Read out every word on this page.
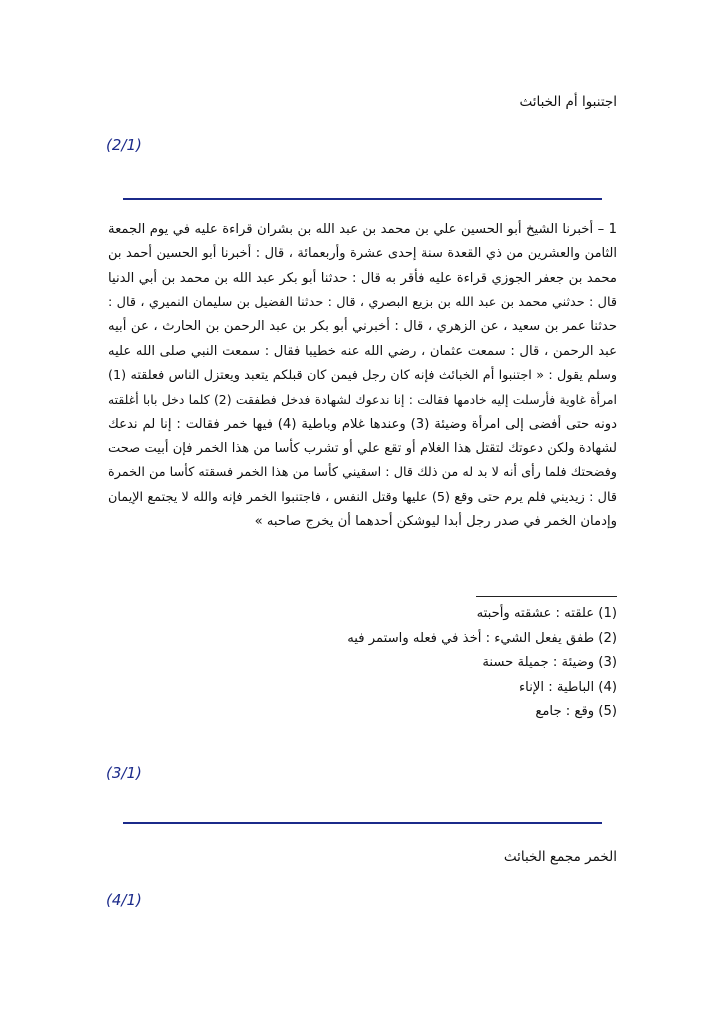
اجتنبوا أم الخبائث
(2/1)
1 – أخبرنا الشيخ أبو الحسين علي بن محمد بن عبد الله بن بشران قراءة عليه في يوم الجمعة
الثامن والعشرين من ذي القعدة سنة إحدى عشرة وأربعمائة ، قال : أخبرنا أبو الحسين أحمد بن
محمد بن جعفر الجوزي قراءة عليه فأقر به قال : حدثنا أبو بكر عبد الله بن محمد بن أبي الدنيا
قال : حدثني محمد بن عبد الله بن بزيع البصري ، قال : حدثنا الفضيل بن سليمان النميري ، قال :
حدثنا عمر بن سعيد ، عن الزهري ، قال : أخبرني أبو بكر بن عبد الرحمن بن الحارث ، عن أبيه
عبد الرحمن ، قال : سمعت عثمان ، رضي الله عنه خطيبا فقال : سمعت النبي صلى الله عليه
وسلم يقول : « اجتنبوا أم الخبائث فإنه كان رجل فيمن كان قبلكم يتعبد ويعتزل الناس فعلقته (1)
امرأة غاوية فأرسلت إليه خادمها فقالت : إنا ندعوك لشهادة فدخل فطفقت (2) كلما دخل بابا أغلقته
دونه حتى أفضى إلى امرأة وضيئة (3) وعندها غلام وباطية (4) فيها خمر فقالت : إنا لم ندعك
لشهادة ولكن دعوتك لتقتل هذا الغلام أو تقع علي أو تشرب كأسا من هذا الخمر فإن أبيت صحت
وفضحتك فلما رأى أنه لا بد له من ذلك قال : اسقيني كأسا من هذا الخمر فسقته كأسا من الخمرة
قال : زيديني فلم يرم حتى وقع (5) عليها وقتل النفس ، فاجتنبوا الخمر فإنه والله لا يجتمع الإيمان
وإدمان الخمر في صدر رجل أبدا ليوشكن أحدهما أن يخرج صاحبه »
(1) علقته : عشقته وأحبته
(2) طفق يفعل الشيء : أخذ في فعله واستمر فيه
(3) وضيئة : جميلة حسنة
(4) الباطية : الإناء
(5) وقع : جامع
(3/1)
الخمر مجمع الخبائث
(4/1)
